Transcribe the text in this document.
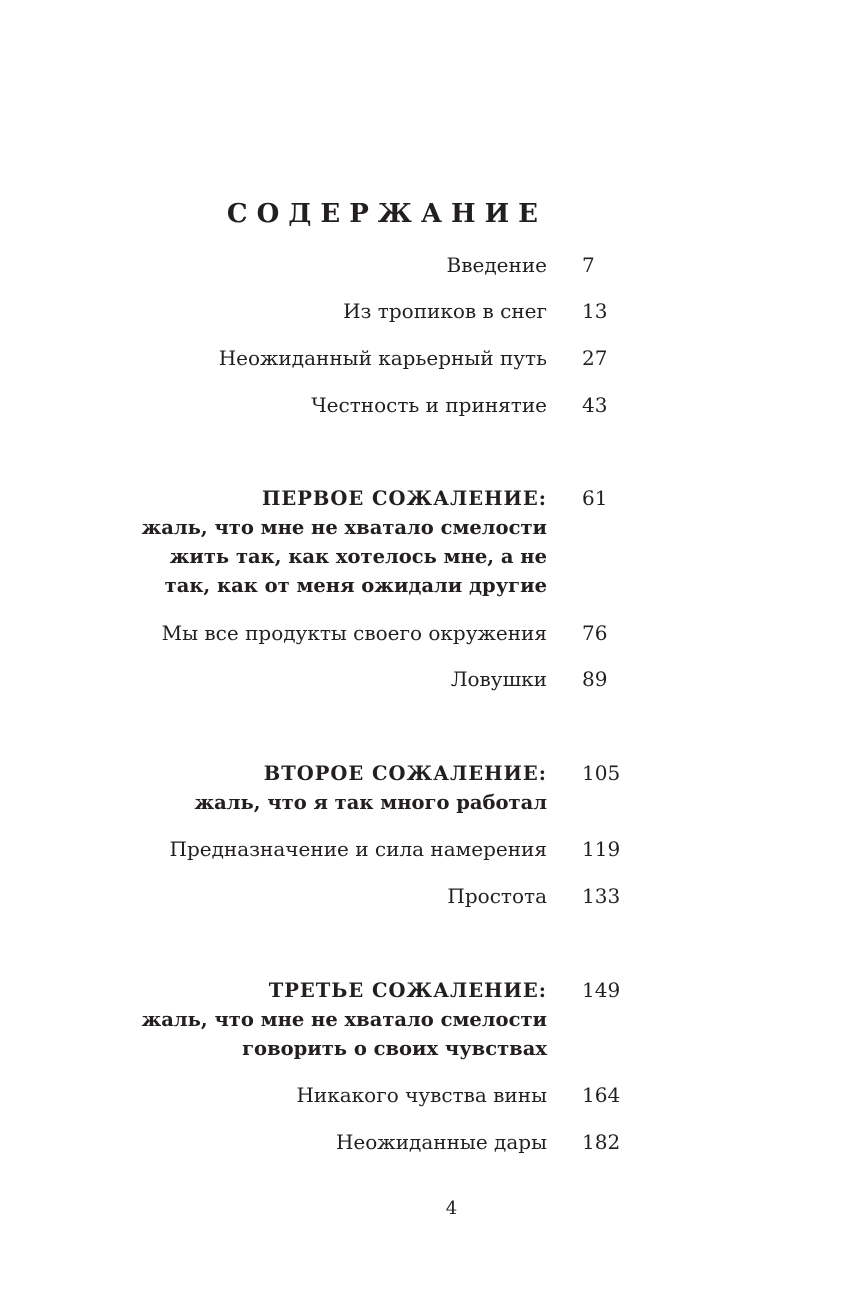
СОДЕРЖАНИЕ
Введение 7
Из тропиков в снег 13
Неожиданный карьерный путь 27
Честность и принятие 43
ПЕРВОЕ СОЖАЛЕНИЕ:
жаль, что мне не хватало смелости
жить так, как хотелось мне, а не
так, как от меня ожидали другие
61
Мы все продукты своего окружения 76
Ловушки 89
ВТОРОЕ СОЖАЛЕНИЕ:
жаль, что я так много работал
105
Предназначение и сила намерения 119
Простота 133
ТРЕТЬЕ СОЖАЛЕНИЕ:
жаль, что мне не хватало смелости
говорить о своих чувствах
149
Никакого чувства вины 164
Неожиданные дары 182
4
